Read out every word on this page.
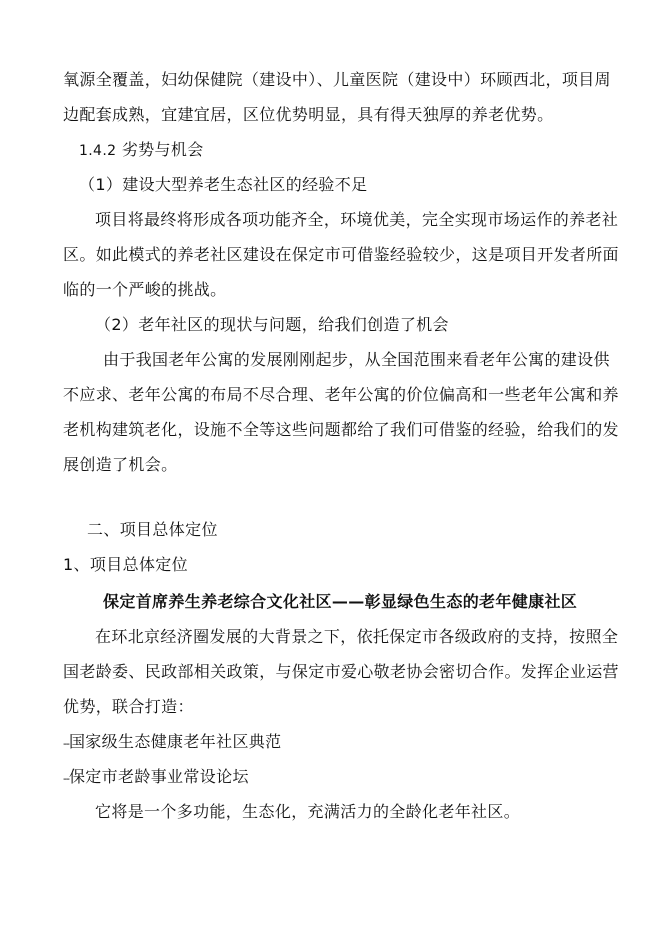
氧源全覆盖，妇幼保健院（建设中）、儿童医院（建设中）环顾西北，项目周
边配套成熟，宜建宜居，区位优势明显，具有得天独厚的养老优势。
1.4.2 劣势与机会
（1）建设大型养老生态社区的经验不足
项目将最终将形成各项功能齐全，环境优美，完全实现市场运作的养老社
区。如此模式的养老社区建设在保定市可借鉴经验较少，这是项目开发者所面
临的一个严峻的挑战。
（2）老年社区的现状与问题，给我们创造了机会
由于我国老年公寓的发展刚刚起步，从全国范围来看老年公寓的建设供
不应求、老年公寓的布局不尽合理、老年公寓的价位偏高和一些老年公寓和养
老机构建筑老化，设施不全等这些问题都给了我们可借鉴的经验，给我们的发
展创造了机会。
二、项目总体定位
1、项目总体定位
保定首席养生养老综合文化社区——彰显绿色生态的老年健康社区
在环北京经济圈发展的大背景之下，依托保定市各级政府的支持，按照全
国老龄委、民政部相关政策，与保定市爱心敬老协会密切合作。发挥企业运营
优势，联合打造：
--国家级生态健康老年社区典范
--保定市老龄事业常设论坛
它将是一个多功能，生态化，充满活力的全龄化老年社区。
